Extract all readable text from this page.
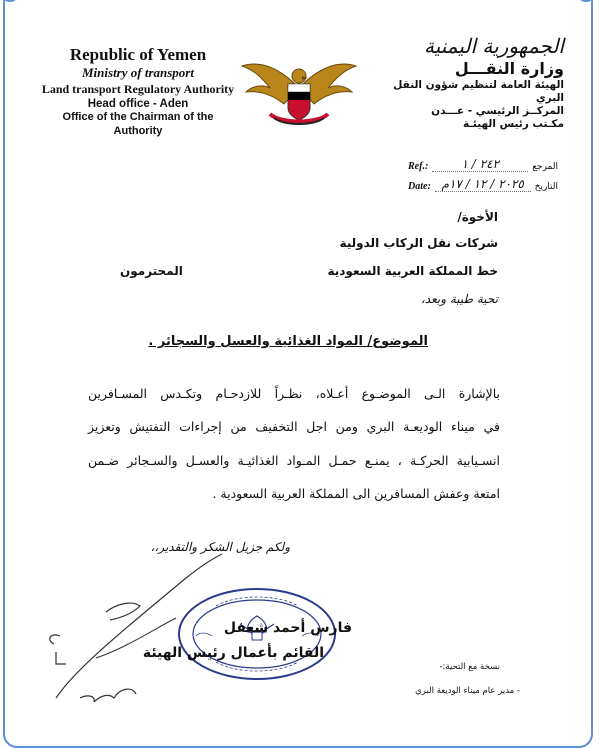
Republic of Yemen
Ministry of transport
Land transport Regulatory Authority
Head office - Aden
Office of the Chairman of the Authority
الجمهورية اليمنية
وزارة النقـــل
الهيئة العامة لتنظيم شؤون النقل البري
المركــز الرئيسي - عـــدن
مكـتب رئيس الهيئـة
Ref.:	٢٤٢ / ١	المرجع
Date: ٢٠٢٥ / ١٢ / ١٧م	التاريخ
الأخوة/
شركات نقل الركاب الدولية
خط المملكة العربية السعودية
المحترمون
تحية طيبة وبعد،
الموضوع/ المواد الغذائية والعسل والسجائر .
بالإشارة الـى الموضـوع أعـلاه، نظـراً للازدحـام وتكـدس المسـافرين
في ميناء الوديعـة البري ومن اجل التخفيف من إجراءات التفتيش وتعزيز
انسـيابية الحركـة ، يمنـع حمـل المـواد الغذائيـة والعسـل والسـجائر ضـمن
امتعة وعفش المسافرين الى المملكة العربية السعودية .
ولكم جزيل الشكر والتقدير،،
فارس أحمد شعفل
القائم بأعمال رئيس الهيئة
نسخة مع التحية:-
- مدير عام ميناء الوديعة البري
